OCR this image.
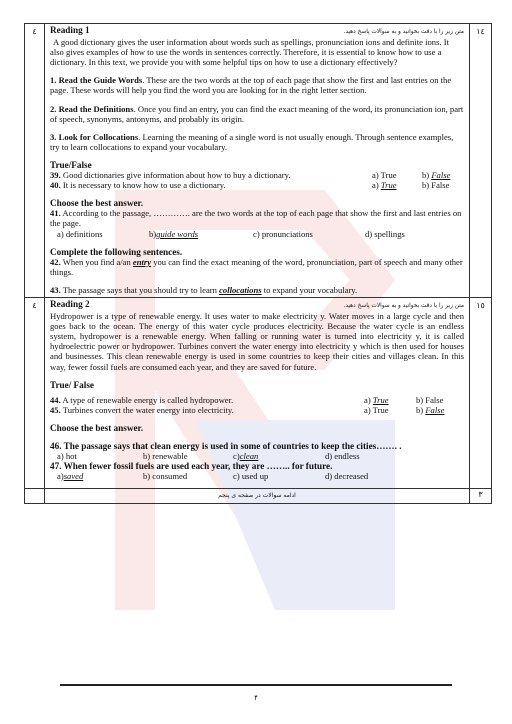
٤	Reading 1	متن زیر را با دقت بخوانید و به سوالات پاسخ دهید.

A good dictionary gives the user information about words such as spellings, pronunciation ions and definite ions. It also gives examples of how to use the words in sentences correctly. Therefore, it is essential to know how to use a dictionary. In this text, we provide you with some helpful tips on how to use a dictionary effectively?

1. Read the Guide Words. These are the two words at the top of each page that show the first and last entries on the page. These words will help you find the word you are looking for in the right letter section.

2. Read the Definitions. Once you find an entry, you can find the exact meaning of the word, its pronunciation ion, part of speech, synonyms, antonyms, and probably its origin.

3. Look for Collocations. Learning the meaning of a single word is not usually enough. Through sentence examples, try to learn collocations to expand your vocabulary.

True/False

39. Good dictionaries give information about how to buy a dictionary.	a) True	b) False
40. It is necessary to know how to use a dictionary.	a) True	b) False

Choose the best answer.

41. According to the passage, …………. are the two words at the top of each page that show the first and last entries on the page.

a) definitions	b)guide words	c) pronunciations	d) spellings

Complete the following sentences.

42. When you find a/an entry you can find the exact meaning of the word, pronunciation, part of speech and many other things.

43. The passage says that you should try to learn collocations to expand your vocabulary.

١٤
٤	Reading 2	متن زیر را با دقت بخوانید و به سوالات پاسخ دهید.

Hydropower is a type of renewable energy. It uses water to make electricity y. Water moves in a large cycle and then goes back to the ocean. The energy of this water cycle produces electricity. Because the water cycle is an endless system, hydropower is a renewable energy. When falling or running water is turned into electricity y, it is called hydroelectric power or hydropower. Turbines convert the water energy into electricity y which is then used for houses and businesses. This clean renewable energy is used in some countries to keep their cities and villages clean. In this way, fewer fossil fuels are consumed each year, and they are saved for future.

True/ False

44. A type of renewable energy is called hydropower.	a) True	b) False
45. Turbines convert the water energy into electricity.	a) True	b) False

Choose the best answer.

46. The passage says that clean energy is used in some of countries to keep the cities……. .

a) hot	b) renewable	c)clean	d) endless

47. When fewer fossil fuels are used each year, they are …….. for future.

a)saved	b) consumed	c) used up	d) decreased
١٥
ادامه سوالات در صفحه ی پنجم	٣
۴
